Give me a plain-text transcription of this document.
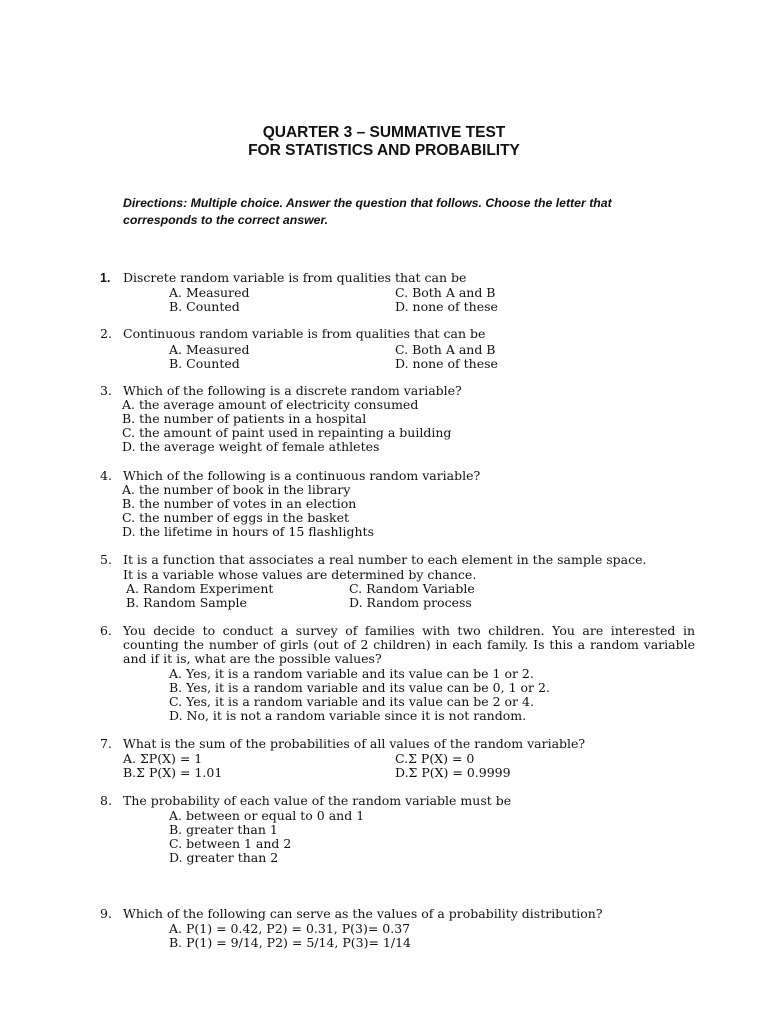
QUARTER 3 – SUMMATIVE TEST
FOR STATISTICS AND PROBABILITY
Directions: Multiple choice. Answer the question that follows. Choose the letter that corresponds to the correct answer.
1. Discrete random variable is from qualities that can be
A. Measured
B. Counted
C. Both A and B
D. none of these
2. Continuous random variable is from qualities that can be
A. Measured
B. Counted
C. Both A and B
D. none of these
3. Which of the following is a discrete random variable?
A. the average amount of electricity consumed
B. the number of patients in a hospital
C. the amount of paint used in repainting a building
D. the average weight of female athletes
4. Which of the following is a continuous random variable?
A. the number of book in the library
B. the number of votes in an election
C. the number of eggs in the basket
D. the lifetime in hours of 15 flashlights
5. It is a function that associates a real number to each element in the sample space.
It is a variable whose values are determined by chance.
A. Random Experiment
B. Random Sample
C. Random Variable
D. Random process
6. You decide to conduct a survey of families with two children. You are interested in counting the number of girls (out of 2 children) in each family. Is this a random variable and if it is, what are the possible values?
A. Yes, it is a random variable and its value can be 1 or 2.
B. Yes, it is a random variable and its value can be 0, 1 or 2.
C. Yes, it is a random variable and its value can be 2 or 4.
D. No, it is not a random variable since it is not random.
7. What is the sum of the probabilities of all values of the random variable?
A. ΣP(X) = 1
B.Σ P(X) = 1.01
C.Σ P(X) = 0
D.Σ P(X) = 0.9999
8. The probability of each value of the random variable must be
A. between or equal to 0 and 1
B. greater than 1
C. between 1 and 2
D. greater than 2
9. Which of the following can serve as the values of a probability distribution?
A. P(1) = 0.42, P2) = 0.31, P(3)= 0.37
B. P(1) = 9/14, P2) = 5/14, P(3)= 1/14
